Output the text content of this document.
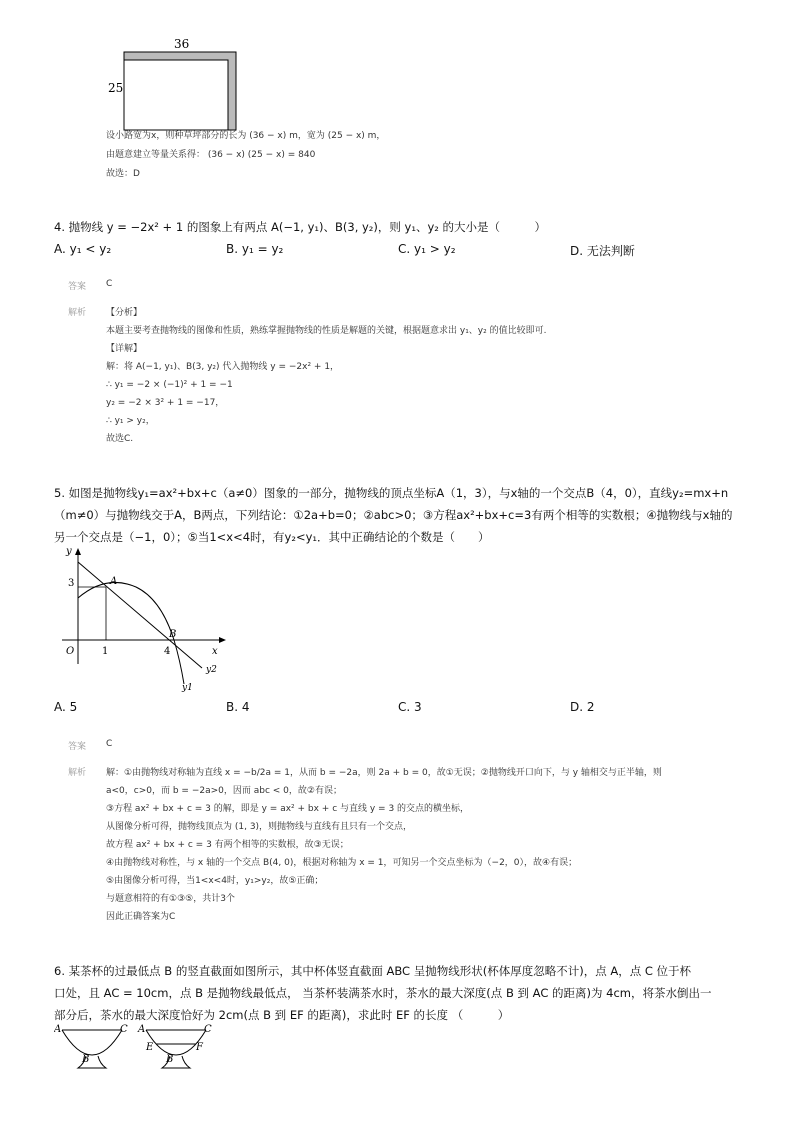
36
25
设小路宽为x，则种草坪部分的长为 (36 − x) m，宽为 (25 − x) m，
由题意建立等量关系得： (36 − x) (25 − x) = 840
故选：D
4. 抛物线 y = −2x² + 1 的图象上有两点 A(−1, y₁)、B(3, y₂)，则 y₁、y₂ 的大小是（　　　）
A. y₁ < y₂	B. y₁ = y₂	C. y₁ > y₂	D. 无法判断
答案 C
解析 【分析】
本题主要考查抛物线的图像和性质，熟练掌握抛物线的性质是解题的关键，根据题意求出 y₁、y₂ 的值比较即可.
【详解】
解：将 A(−1, y₁)、B(3, y₂) 代入抛物线 y = −2x² + 1，
∴ y₁ = −2 × (−1)² + 1 = −1
y₂ = −2 × 3² + 1 = −17，
∴ y₁ > y₂，
故选C.
5. 如图是抛物线y₁=ax²+bx+c（a≠0）图象的一部分，抛物线的顶点坐标A（1，3），与x轴的一个交点B（4，0），直线y₂=mx+n
（m≠0）与抛物线交于A，B两点，下列结论：①2a+b=0；②abc>0；③方程ax²+bx+c=3有两个相等的实数根；④抛物线与x轴的
另一个交点是（−1，0）；⑤当1<x<4时，有y₂<y₁．其中正确结论的个数是（　　）
y
x
O	1	4
3	A
B
y2
y1
A. 5	B. 4	C. 3	D. 2
答案 C
解析 解：①由抛物线对称轴为直线 x = −b/2a = 1，从而 b = −2a，则 2a + b = 0，故①无误；②抛物线开口向下，与 y 轴相交与正半轴，则
a<0，c>0，而 b = −2a>0，因而 abc < 0，故②有误；
③方程 ax² + bx + c = 3 的解，即是 y = ax² + bx + c 与直线 y = 3 的交点的横坐标，
从图像分析可得，抛物线顶点为 (1, 3)，则抛物线与直线有且只有一个交点，
故方程 ax² + bx + c = 3 有两个相等的实数根，故③无误；
④由抛物线对称性，与 x 轴的一个交点 B(4, 0)，根据对称轴为 x = 1，可知另一个交点坐标为（−2，0），故④有误；
⑤由图像分析可得，当1<x<4时，y₁>y₂，故⑤正确；
与题意相符的有①③⑤，共计3个
因此正确答案为C
6. 某茶杯的过最低点 B 的竖直截面如图所示，其中杯体竖直截面 ABC 呈抛物线形状(杯体厚度忽略不计)，点 A，点 C 位于杯
口处，且 AC = 10cm，点 B 是抛物线最低点， 当茶杯装满茶水时，茶水的最大深度(点 B 到 AC 的距离)为 4cm，将茶水倒出一
部分后，茶水的最大深度恰好为 2cm(点 B 到 EF 的距离)，求此时 EF 的长度 （　　　）
A	C
B
A	C
E	F
B
